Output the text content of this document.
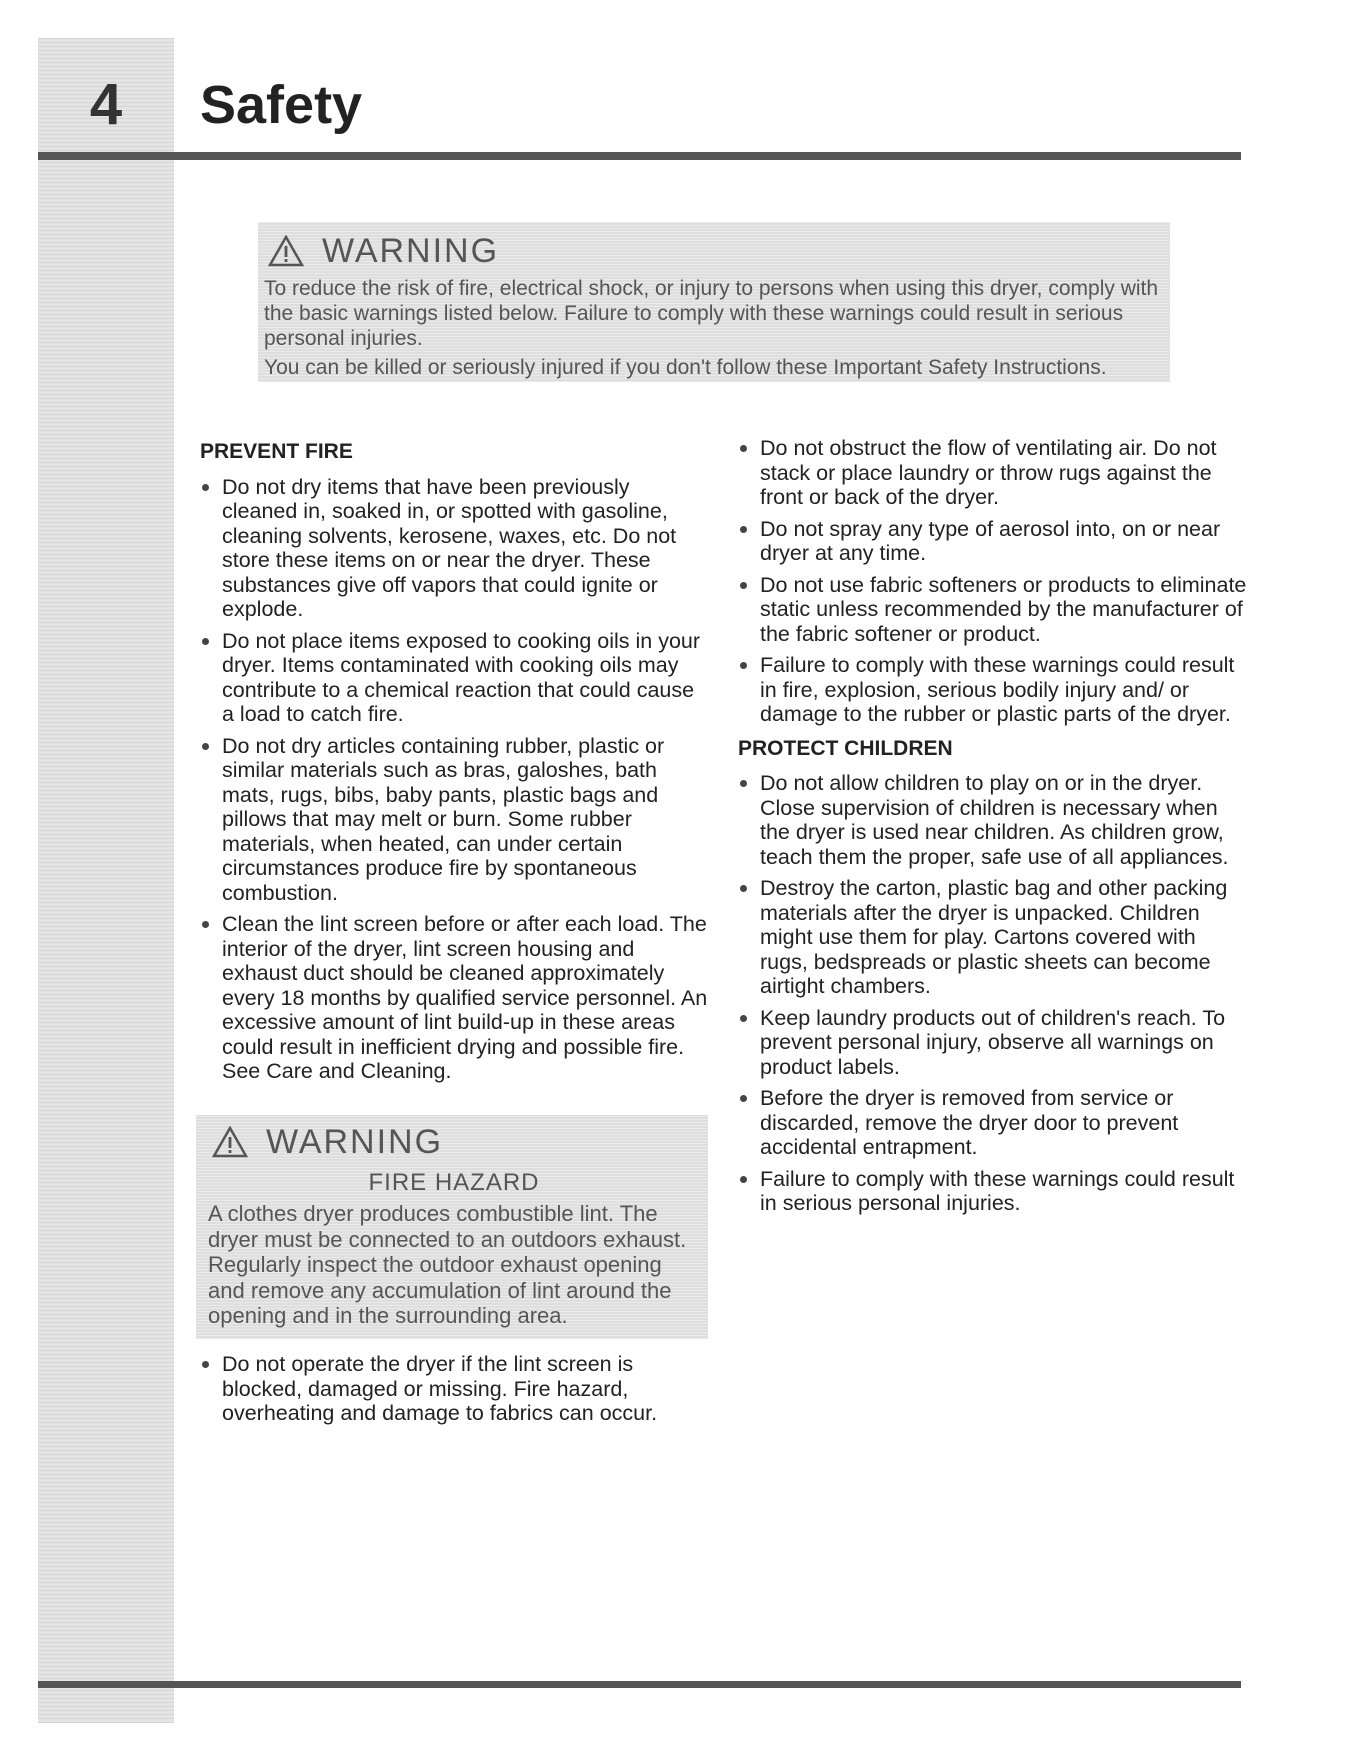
4	Safety
WARNING
To reduce the risk of fire, electrical shock, or injury to persons when using this dryer, comply with the basic warnings listed below. Failure to comply with these warnings could result in serious personal injuries.
You can be killed or seriously injured if you don't follow these Important Safety Instructions.
PREVENT FIRE
Do not dry items that have been previously cleaned in, soaked in, or spotted with gasoline, cleaning solvents, kerosene, waxes, etc. Do not store these items on or near the dryer. These substances give off vapors that could ignite or explode.
Do not place items exposed to cooking oils in your dryer. Items contaminated with cooking oils may contribute to a chemical reaction that could cause a load to catch fire.
Do not dry articles containing rubber, plastic or similar materials such as bras, galoshes, bath mats, rugs, bibs, baby pants, plastic bags and pillows that may melt or burn. Some rubber materials, when heated, can under certain circumstances produce fire by spontaneous combustion.
Clean the lint screen before or after each load. The interior of the dryer, lint screen housing and exhaust duct should be cleaned approximately every 18 months by qualified service personnel. An excessive amount of lint build-up in these areas could result in inefficient drying and possible fire. See Care and Cleaning.
WARNING
FIRE HAZARD
A clothes dryer produces combustible lint. The dryer must be connected to an outdoors exhaust. Regularly inspect the outdoor exhaust opening and remove any accumulation of lint around the opening and in the surrounding area.
Do not operate the dryer if the lint screen is blocked, damaged or missing. Fire hazard, overheating and damage to fabrics can occur.
Do not obstruct the flow of ventilating air. Do not stack or place laundry or throw rugs against the front or back of the dryer.
Do not spray any type of aerosol into, on or near dryer at any time.
Do not use fabric softeners or products to eliminate static unless recommended by the manufacturer of the fabric softener or product.
Failure to comply with these warnings could result in fire, explosion, serious bodily injury and/ or damage to the rubber or plastic parts of the dryer.
PROTECT CHILDREN
Do not allow children to play on or in the dryer. Close supervision of children is necessary when the dryer is used near children. As children grow, teach them the proper, safe use of all appliances.
Destroy the carton, plastic bag and other packing materials after the dryer is unpacked. Children might use them for play. Cartons covered with rugs, bedspreads or plastic sheets can become airtight chambers.
Keep laundry products out of children's reach. To prevent personal injury, observe all warnings on product labels.
Before the dryer is removed from service or discarded, remove the dryer door to prevent accidental entrapment.
Failure to comply with these warnings could result in serious personal injuries.
